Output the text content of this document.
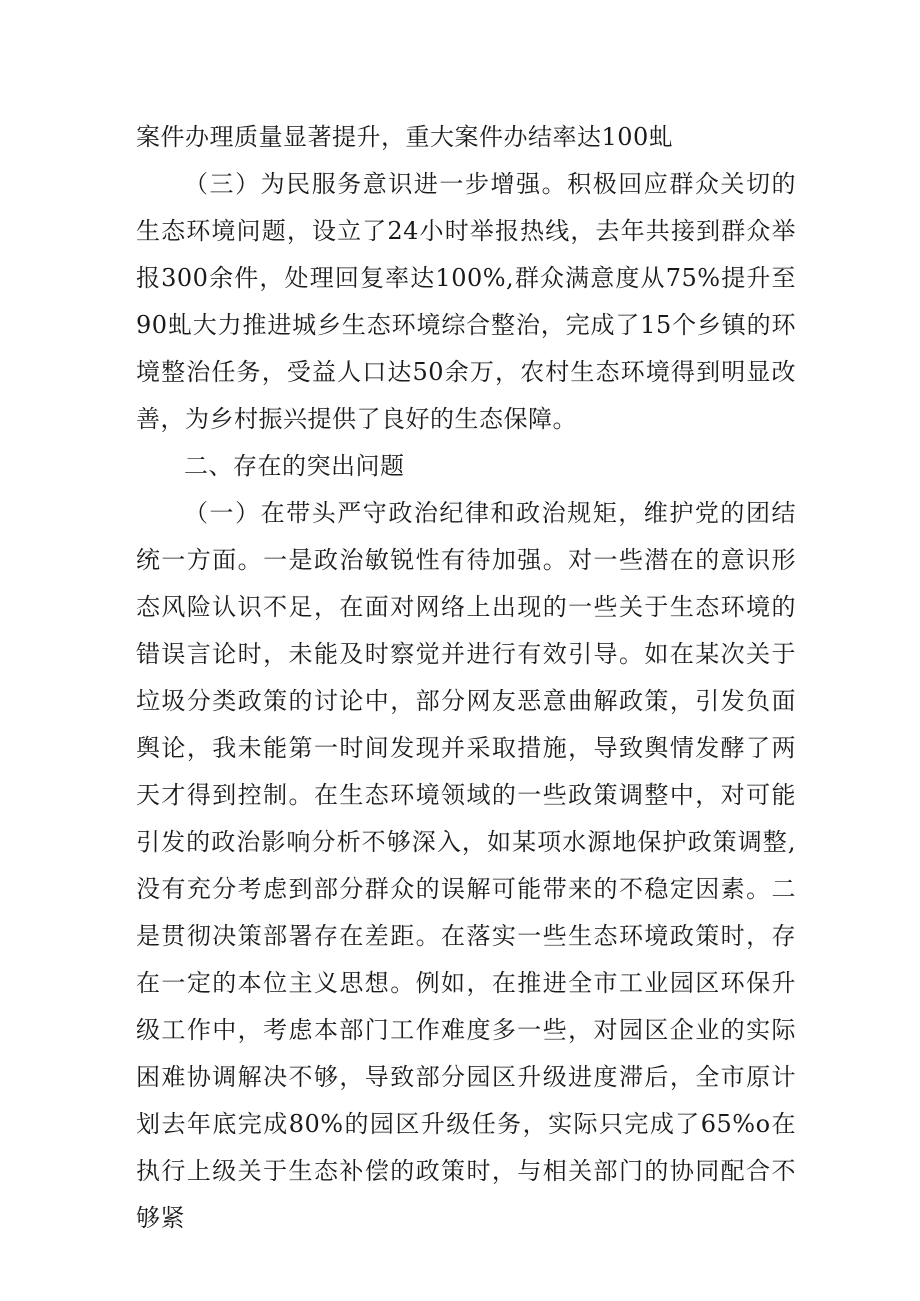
案件办理质量显著提升，重大案件办结率达100虬

（三）为民服务意识进一步增强。积极回应群众关切的生态环境问题，设立了24小时举报热线，去年共接到群众举报300余件，处理回复率达100%,群众满意度从75%提升至90虬大力推进城乡生态环境综合整治，完成了15个乡镇的环境整治任务，受益人口达50余万，农村生态环境得到明显改善，为乡村振兴提供了良好的生态保障。

二、存在的突出问题

（一）在带头严守政治纪律和政治规矩，维护党的团结统一方面。一是政治敏锐性有待加强。对一些潜在的意识形态风险认识不足，在面对网络上出现的一些关于生态环境的错误言论时，未能及时察觉并进行有效引导。如在某次关于垃圾分类政策的讨论中，部分网友恶意曲解政策，引发负面舆论，我未能第一时间发现并采取措施，导致舆情发酵了两天才得到控制。在生态环境领域的一些政策调整中，对可能引发的政治影响分析不够深入，如某项水源地保护政策调整,没有充分考虑到部分群众的误解可能带来的不稳定因素。二是贯彻决策部署存在差距。在落实一些生态环境政策时，存在一定的本位主义思想。例如，在推进全市工业园区环保升级工作中，考虑本部门工作难度多一些，对园区企业的实际困难协调解决不够，导致部分园区升级进度滞后，全市原计划去年底完成80%的园区升级任务，实际只完成了65%o在执行上级关于生态补偿的政策时，与相关部门的协同配合不够紧
